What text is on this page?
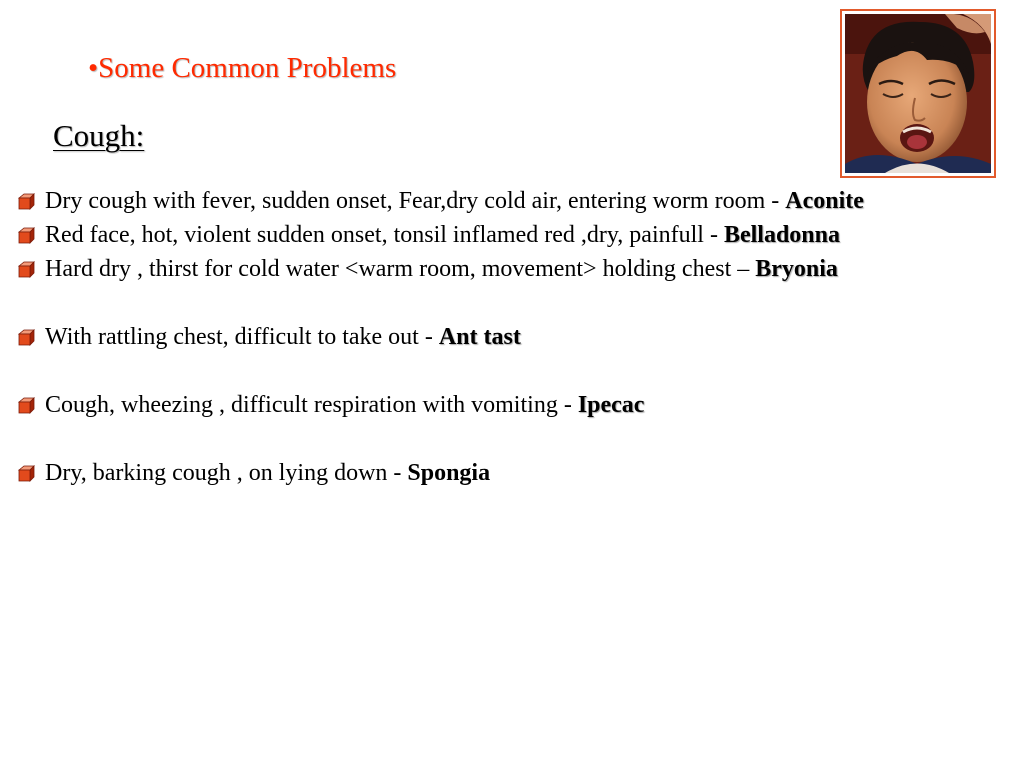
•Some Common Problems
Cough:
Dry cough with fever, sudden onset, Fear,dry cold air, entering worm room - Aconite
Red face, hot, violent sudden onset, tonsil inflamed red ,dry, painfull - Belladonna
Hard dry , thirst for cold water <warm room, movement> holding chest – Bryonia
With rattling chest, difficult to take out - Ant tast
Cough, wheezing , difficult respiration with vomiting - Ipecac
Dry, barking cough , on lying down - Spongia
